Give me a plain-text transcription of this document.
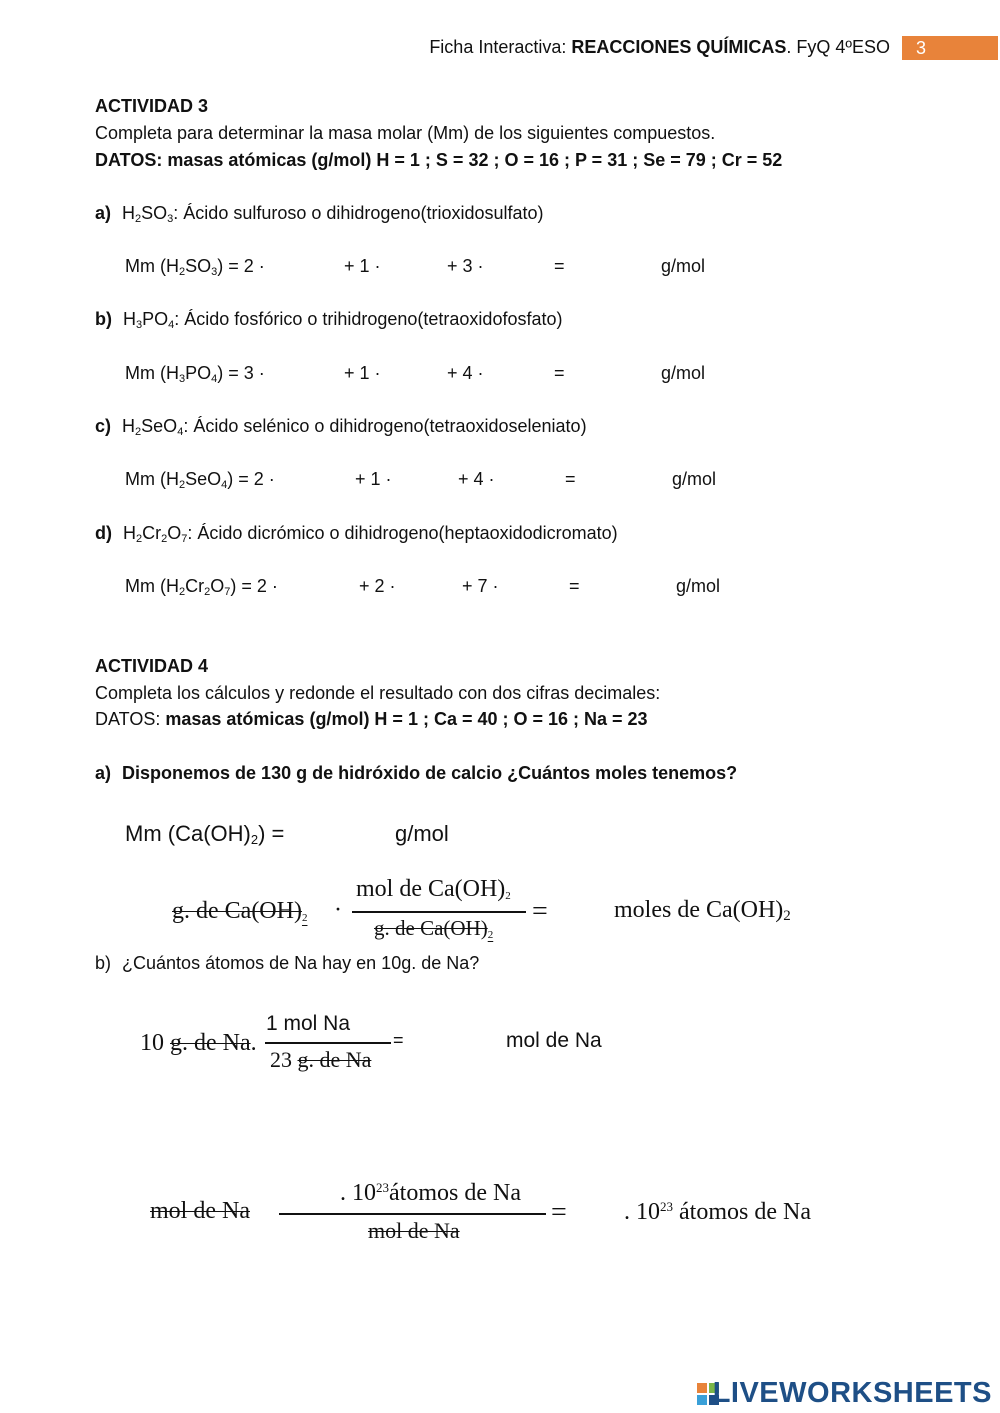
Ficha Interactiva: REACCIONES QUÍMICAS. FyQ 4ºESO	3
ACTIVIDAD 3
Completa para determinar la masa molar (Mm) de los siguientes compuestos.
DATOS: masas atómicas (g/mol) H = 1 ; S = 32 ; O = 16 ; P = 31 ; Se = 79 ; Cr = 52
a) $H_2SO_3$: Ácido sulfuroso o dihidrogeno(trioxidosulfato)
Mm $(H_2SO_3) = 2$ ·	+ 1 ·	+ 3 ·	=	g/mol
b) $H_3PO_4$: Ácido fosfórico o trihidrogeno(tetraoxidofosfato)
Mm $(H_3PO_4) = 3$ ·	+ 1 ·	+ 4 ·	=	g/mol
c) $H_2SeO_4$: Ácido selénico o dihidrogeno(tetraoxidoseleniato)
Mm $(H_2SeO_4) = 2$ ·	+ 1 ·	+ 4 ·	=	g/mol
d) $H_2Cr_2O_7$: Ácido dicrómico o dihidrogeno(heptaoxidodicromato)
Mm $(H_2Cr_2O_7) = 2$ ·	+ 2 ·	+ 7 ·	=	g/mol
ACTIVIDAD 4
Completa los cálculos y redonde el resultado con dos cifras decimales:
DATOS: masas atómicas (g/mol) H = 1 ; Ca = 40 ; O = 16 ; Na = 23
a) Disponemos de 130 g de hidróxido de calcio ¿Cuántos moles tenemos?
Mm $(Ca(OH)_2)$ =	g/mol
g. de $Ca(OH)_2$ ·
mol de $Ca(OH)_2$
g. de $Ca(OH)_2$
=	moles de $Ca(OH)_2$
b) ¿Cuántos átomos de Na hay en 10g. de Na?
10 g. de Na.
1 mol Na
23 g. de Na
=	mol de Na
mol de Na
. $10^{23}átomos$ de Na
mol de Na
= . $10^{23}$ átomos de Na
LIVEWORKSHEETS
